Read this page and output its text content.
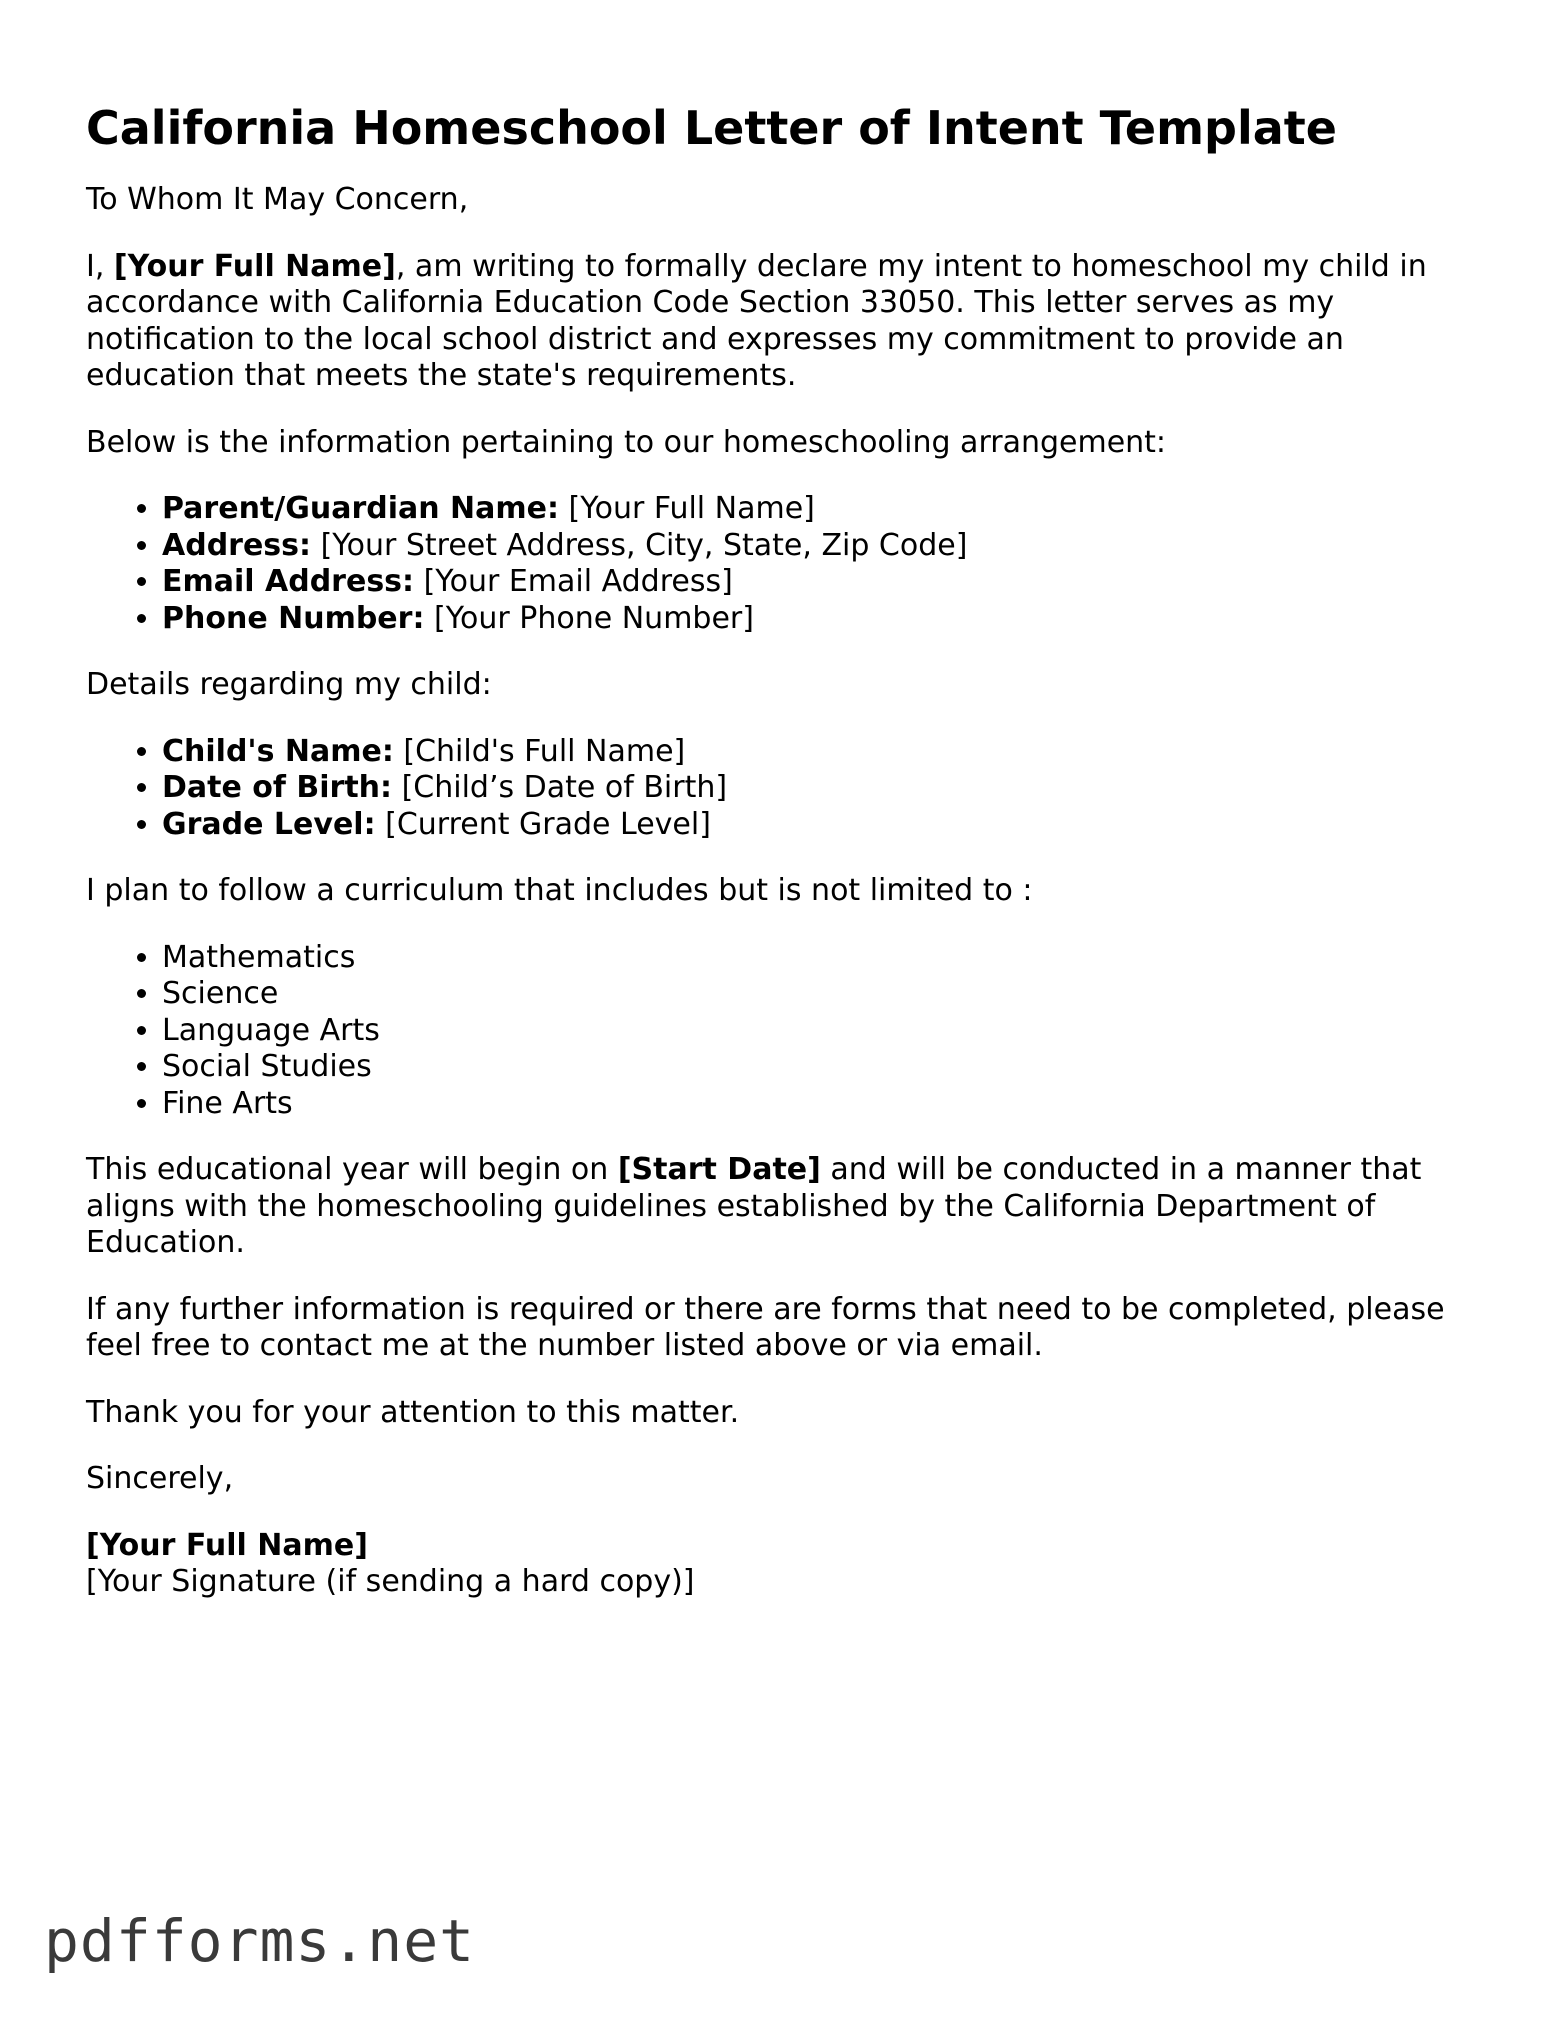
California Homeschool Letter of Intent Template

To Whom It May Concern,

I, [Your Full Name], am writing to formally declare my intent to homeschool my child in accordance with California Education Code Section 33050. This letter serves as my notification to the local school district and expresses my commitment to provide an education that meets the state's requirements.

Below is the information pertaining to our homeschooling arrangement:

• Parent/Guardian Name: [Your Full Name]
• Address: [Your Street Address, City, State, Zip Code]
• Email Address: [Your Email Address]
• Phone Number: [Your Phone Number]

Details regarding my child:

• Child's Name: [Child's Full Name]
• Date of Birth: [Child’s Date of Birth]
• Grade Level: [Current Grade Level]

I plan to follow a curriculum that includes but is not limited to :

• Mathematics
• Science
• Language Arts
• Social Studies
• Fine Arts

This educational year will begin on [Start Date] and will be conducted in a manner that aligns with the homeschooling guidelines established by the California Department of Education.

If any further information is required or there are forms that need to be completed, please feel free to contact me at the number listed above or via email.

Thank you for your attention to this matter.

Sincerely,

[Your Full Name]

[Your Signature (if sending a hard copy)]

pdfforms.net
